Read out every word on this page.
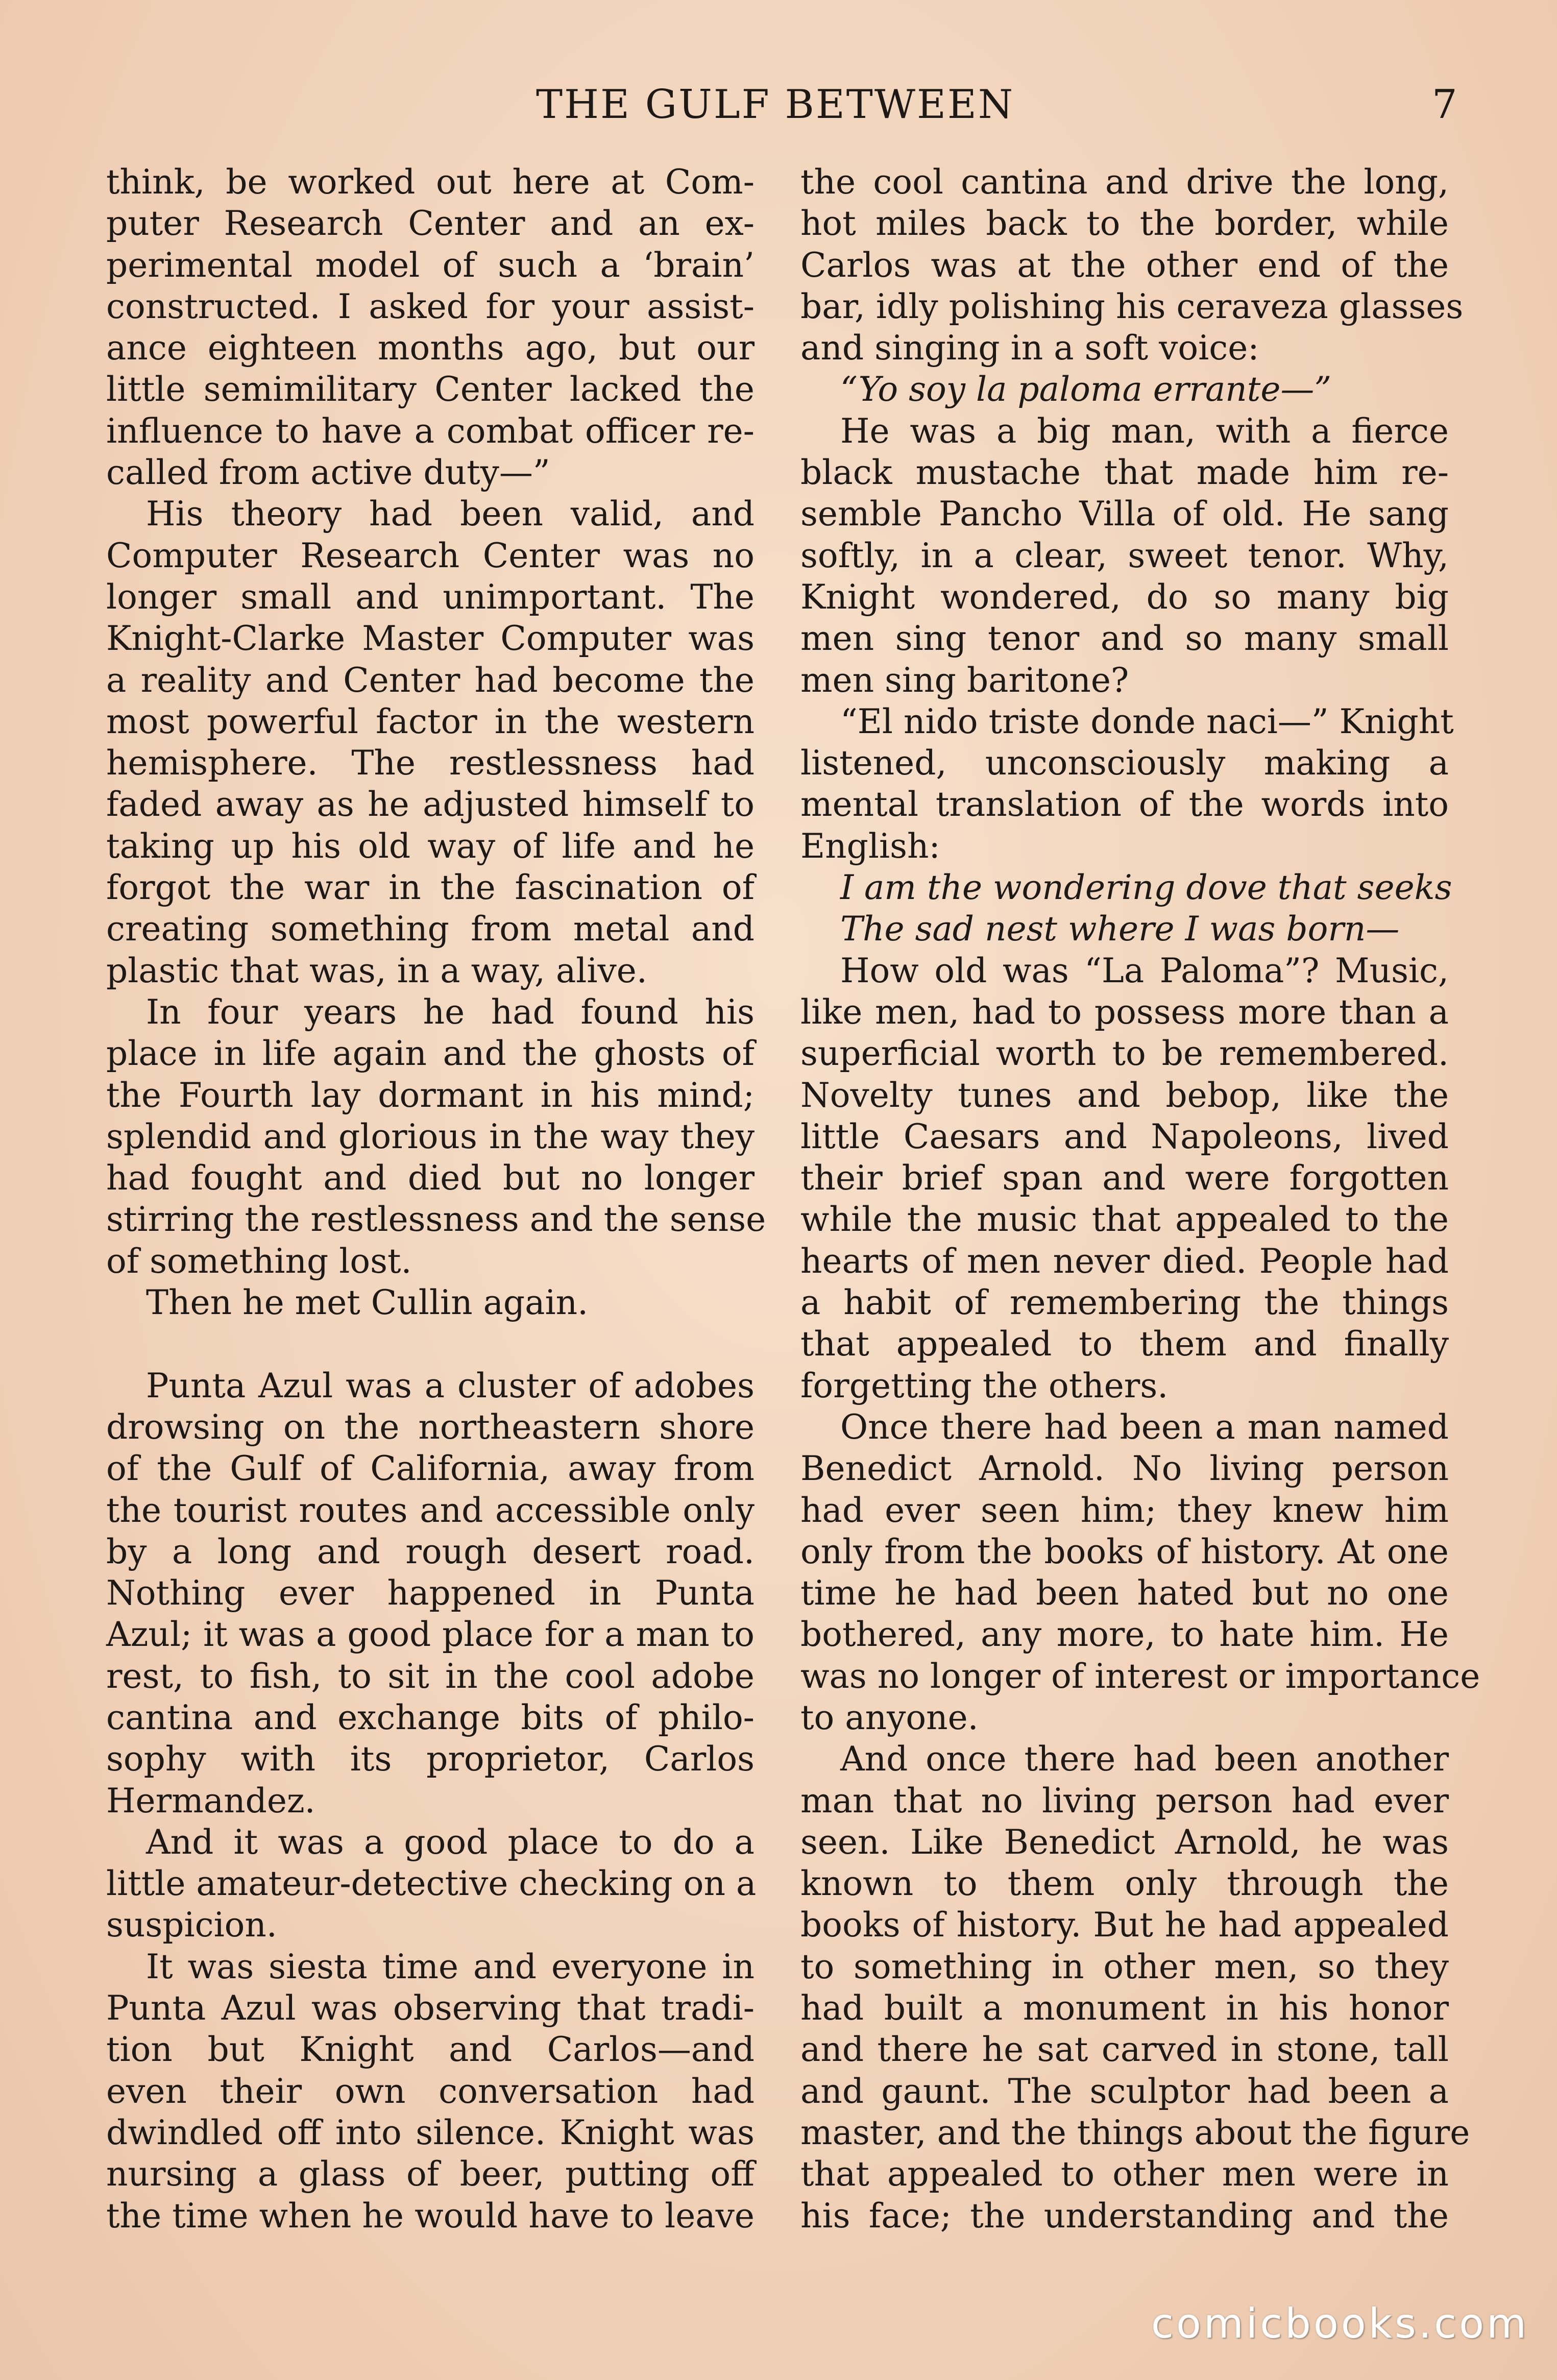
THE GULF BETWEEN	7
think, be worked out here at Com-
puter Research Center and an ex-
perimental model of such a ‘brain’
constructed. I asked for your assist-
ance eighteen months ago, but our
little semimilitary Center lacked the
influence to have a combat officer re-
called from active duty—”
His theory had been valid, and
Computer Research Center was no
longer small and unimportant. The
Knight-Clarke Master Computer was
a reality and Center had become the
most powerful factor in the western
hemisphere. The restlessness had
faded away as he adjusted himself to
taking up his old way of life and he
forgot the war in the fascination of
creating something from metal and
plastic that was, in a way, alive.
In four years he had found his
place in life again and the ghosts of
the Fourth lay dormant in his mind;
splendid and glorious in the way they
had fought and died but no longer
stirring the restlessness and the sense
of something lost.
Then he met Cullin again.
Punta Azul was a cluster of adobes
drowsing on the northeastern shore
of the Gulf of California, away from
the tourist routes and accessible only
by a long and rough desert road.
Nothing ever happened in Punta
Azul; it was a good place for a man to
rest, to fish, to sit in the cool adobe
cantina and exchange bits of philo-
sophy with its proprietor, Carlos
Hermandez.
And it was a good place to do a
little amateur-detective checking on a
suspicion.
It was siesta time and everyone in
Punta Azul was observing that tradi-
tion but Knight and Carlos—and
even their own conversation had
dwindled off into silence. Knight was
nursing a glass of beer, putting off
the time when he would have to leave
the cool cantina and drive the long,
hot miles back to the border, while
Carlos was at the other end of the
bar, idly polishing his ceraveza glasses
and singing in a soft voice:
“Yo soy la paloma errante—”
He was a big man, with a fierce
black mustache that made him re-
semble Pancho Villa of old. He sang
softly, in a clear, sweet tenor. Why,
Knight wondered, do so many big
men sing tenor and so many small
men sing baritone?
“El nido triste donde naci—” Knight
listened, unconsciously making a
mental translation of the words into
English:
I am the wondering dove that seeks
The sad nest where I was born—
How old was “La Paloma”? Music,
like men, had to possess more than a
superficial worth to be remembered.
Novelty tunes and bebop, like the
little Caesars and Napoleons, lived
their brief span and were forgotten
while the music that appealed to the
hearts of men never died. People had
a habit of remembering the things
that appealed to them and finally
forgetting the others.
Once there had been a man named
Benedict Arnold. No living person
had ever seen him; they knew him
only from the books of history. At one
time he had been hated but no one
bothered, any more, to hate him. He
was no longer of interest or importance
to anyone.
And once there had been another
man that no living person had ever
seen. Like Benedict Arnold, he was
known to them only through the
books of history. But he had appealed
to something in other men, so they
had built a monument in his honor
and there he sat carved in stone, tall
and gaunt. The sculptor had been a
master, and the things about the figure
that appealed to other men were in
his face; the understanding and the
comicbooks.com
